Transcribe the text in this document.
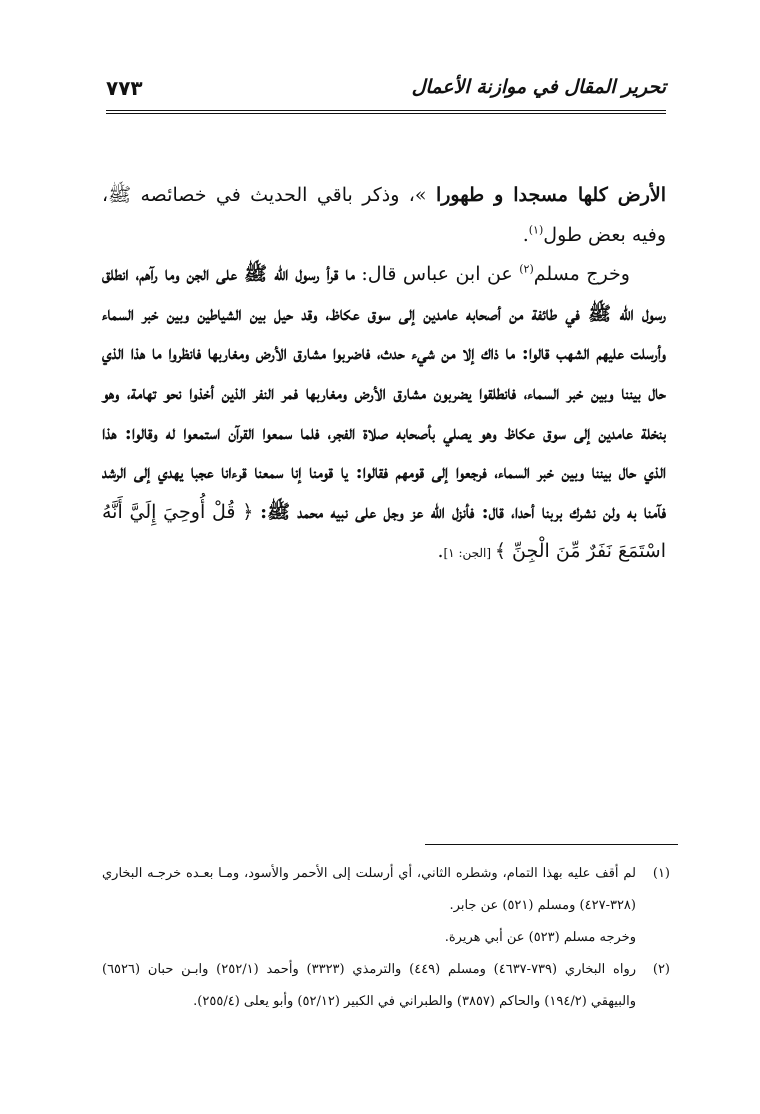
تحرير المقال في موازنة الأعمال
٧٧٣

الأرض كلها مسجدا و طهورا »، وذكر باقي الحديث في خصائصه ﷺ، وفيه بعض طول$^{(١)}$.

وخرج مسلم$^{(٢)}$ عن ابن عباس قال: ما قرأ رسول الله ﷺ على الجن وما رآهم، انطلق رسول الله ﷺ في طائفة من أصحابه عامدين إلى سوق عكاظ، وقد حيل بين الشياطين وبين خبر السماء وأرسلت عليهم الشهب قالوا: ما ذاك إلا من شيء حدث، فاضربوا مشارق الأرض ومغاربها فانظروا ما هذا الذي حال بيننا وبين خبر السماء، فانطلقوا يضربون مشارق الأرض ومغاربها فمر النفر الذين أخذوا نحو تهامة، وهو بنخلة عامدين إلى سوق عكاظ وهو يصلي بأصحابه صلاة الفجر، فلما سمعوا القرآن استمعوا له وقالوا: هذا الذي حال بيننا وبين خبر السماء، فرجعوا إلى قومهم فقالوا: يا قومنا إنا سمعنا قرءانا عجبا يهدي إلى الرشد فآمنا به ولن نشرك بربنا أحدا، قال: فأنزل الله عز وجل على نبيه محمد ﷺ: ﴿ قُلْ أُوحِيَ إِلَيَّ أَنَّهُ اسْتَمَعَ نَفَرٌ مِّنَ الْجِنِّ ﴾ [الجن: ١].

(١)لم أقف عليه بهذا التمام، وشطره الثاني، أي أرسلت إلى الأحمر والأسود، ومـا بعـده خرجـه البخاري (٣٢٨-٤٢٧) ومسلم (٥٢١) عن جابر.

وخرجه مسلم (٥٢٣) عن أبي هريرة.

(٢)رواه البخاري (٧٣٩-٤٦٣٧) ومسلم (٤٤٩) والترمذي (٣٣٢٣) وأحمد (٢٥٢/١) وابـن حبان (٦٥٢٦) والبيهقي (١٩٤/٢) والحاكم (٣٨٥٧) والطبراني في الكبير (٥٢/١٢) وأبو يعلى (٢٥٥/٤).
